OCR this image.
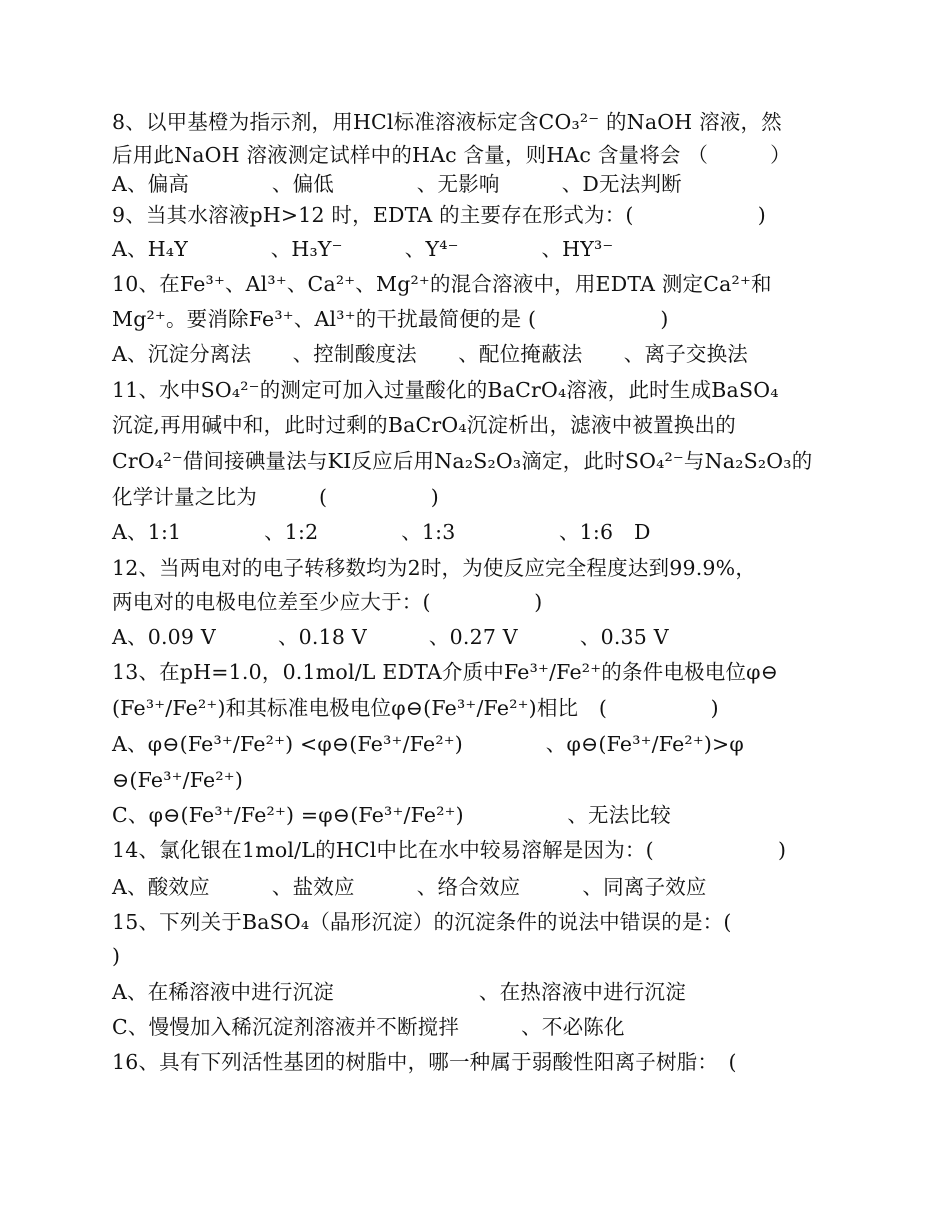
8、以甲基橙为指示剂，用HCl标准溶液标定含CO₃²⁻ 的NaOH 溶液，然
后用此NaOH 溶液测定试样中的HAc 含量，则HAc 含量将会 （　　　）
A、偏高　　　　、偏低　　　　、无影响　　　、D无法判断
9、当其水溶液pH>12 时，EDTA 的主要存在形式为：(　　　　　　)
A、H₄Y　　　　、H₃Y⁻　　　、Y⁴⁻　　　　、HY³⁻
10、在Fe³⁺、Al³⁺、Ca²⁺、Mg²⁺的混合溶液中，用EDTA 测定Ca²⁺和
Mg²⁺。要消除Fe³⁺、Al³⁺的干扰最简便的是 (　　　　　　)
A、沉淀分离法　　、控制酸度法　　、配位掩蔽法　　、离子交换法
11、水中SO₄²⁻的测定可加入过量酸化的BaCrO₄溶液，此时生成BaSO₄
沉淀,再用碱中和，此时过剩的BaCrO₄沉淀析出，滤液中被置换出的
CrO₄²⁻借间接碘量法与KI反应后用Na₂S₂O₃滴定，此时SO₄²⁻与Na₂S₂O₃的
化学计量之比为　　　(　　　　　)
A、1:1　　　　、1:2　　　　、1:3　　　　　、1:6　D
12、当两电对的电子转移数均为2时，为使反应完全程度达到99.9%，
两电对的电极电位差至少应大于：(　　　　　)
A、0.09 V　　　、0.18 V　　　、0.27 V　　　、0.35 V
13、在pH=1.0，0.1mol/L EDTA介质中Fe³⁺/Fe²⁺的条件电极电位φ⊖
(Fe³⁺/Fe²⁺)和其标准电极电位φ⊖(Fe³⁺/Fe²⁺)相比　(　　　　　)
A、φ⊖(Fe³⁺/Fe²⁺) <φ⊖(Fe³⁺/Fe²⁺)　　　　、φ⊖(Fe³⁺/Fe²⁺)>φ
⊖(Fe³⁺/Fe²⁺)
C、φ⊖(Fe³⁺/Fe²⁺) =φ⊖(Fe³⁺/Fe²⁺)　　　　　、无法比较
14、氯化银在1mol/L的HCl中比在水中较易溶解是因为：(　　　　　　)
A、酸效应　　　、盐效应　　　、络合效应　　　、同离子效应
15、下列关于BaSO₄（晶形沉淀）的沉淀条件的说法中错误的是：(
)
A、在稀溶液中进行沉淀　　　　　　　、在热溶液中进行沉淀
C、慢慢加入稀沉淀剂溶液并不断搅拌　　　、不必陈化
16、具有下列活性基团的树脂中，哪一种属于弱酸性阳离子树脂：　(
